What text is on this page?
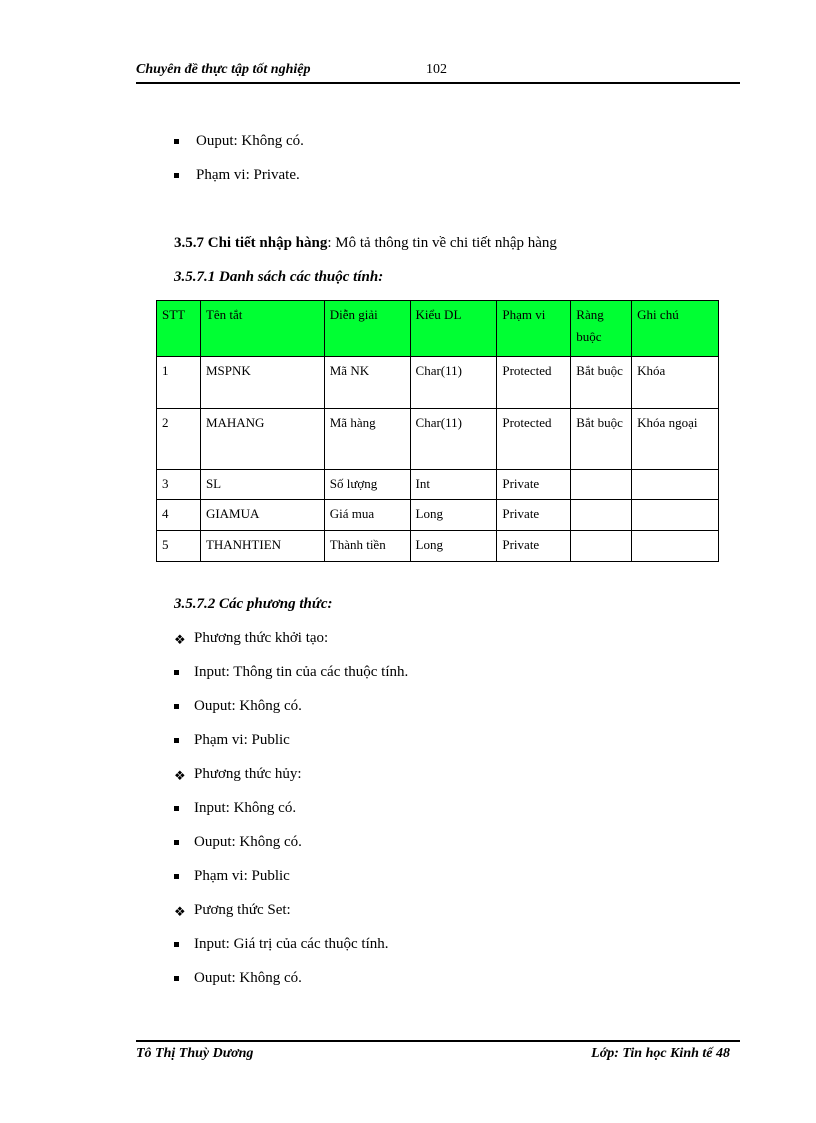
Chuyên đề thực tập tốt nghiệp	102
Ouput: Không có.
Phạm vi: Private.
3.5.7 Chi tiết nhập hàng: Mô tả thông tin về chi tiết nhập hàng
3.5.7.1 Danh sách các thuộc tính:
STT	Tên tắt	Diễn giải	Kiểu DL	Phạm vi	Ràng buộc	Ghi chú
1	MSPNK	Mã NK	Char(11)	Protected	Bắt buộc	Khóa
2	MAHANG	Mã hàng	Char(11)	Protected	Bắt buộc	Khóa ngoại
3	SL	Số lượng	Int	Private		
4	GIAMUA	Giá mua	Long	Private		
5	THANHTIEN	Thành tiền	Long	Private		
3.5.7.2 Các phương thức:
❖ Phương thức khởi tạo:
Input: Thông tin của các thuộc tính.
Ouput: Không có.
Phạm vi: Public
❖ Phương thức hủy:
Input: Không có.
Ouput: Không có.
Phạm vi: Public
❖ Pương thức Set:
Input: Giá trị của các thuộc tính.
Ouput: Không có.
Tô Thị Thuỳ Dương	Lớp: Tin học Kinh tế 48
